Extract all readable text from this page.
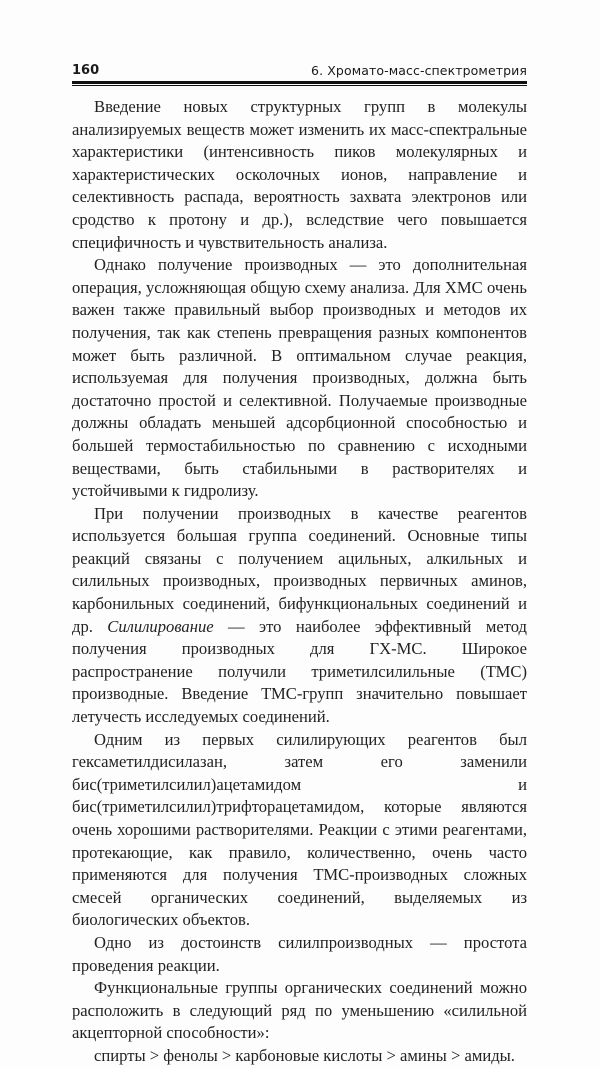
160	6. Хромато-масс-спектрометрия

Введение новых структурных групп в молекулы анализируемых веществ может изменить их масс-спектральные характеристики (интенсивность пиков молекулярных и характеристических осколочных ионов, направление и селективность распада, вероятность захвата электронов или сродство к протону и др.), вследствие чего повышается специфичность и чувствительность анализа.

Однако получение производных — это дополнительная операция, усложняющая общую схему анализа. Для ХМС очень важен также правильный выбор производных и методов их получения, так как степень превращения разных компонентов может быть различной. В оптимальном случае реакция, используемая для получения производных, должна быть достаточно простой и селективной. Получаемые производные должны обладать меньшей адсорбционной способностью и большей термостабильностью по сравнению с исходными веществами, быть стабильными в растворителях и устойчивыми к гидролизу.

При получении производных в качестве реагентов используется большая группа соединений. Основные типы реакций связаны с получением ацильных, алкильных и силильных производных, производных первичных аминов, карбонильных соединений, бифункциональных соединений и др. Силилирование — это наиболее эффективный метод получения производных для ГХ-МС. Широкое распространение получили триметилсилильные (ТМС) производные. Введение ТМС-групп значительно повышает летучесть исследуемых соединений.

Одним из первых силилирующих реагентов был гексаметилдисилазан, затем его заменили бис(триметилсилил)ацетамидом и бис(триметилсилил)трифторацетамидом, которые являются очень хорошими растворителями. Реакции с этими реагентами, протекающие, как правило, количественно, очень часто применяются для получения ТМС-производных сложных смесей органических соединений, выделяемых из биологических объектов.

Одно из достоинств силилпроизводных — простота проведения реакции.

Функциональные группы органических соединений можно расположить в следующий ряд по уменьшению «силильной акцепторной способности»:

спирты > фенолы > карбоновые кислоты > амины > амиды.
